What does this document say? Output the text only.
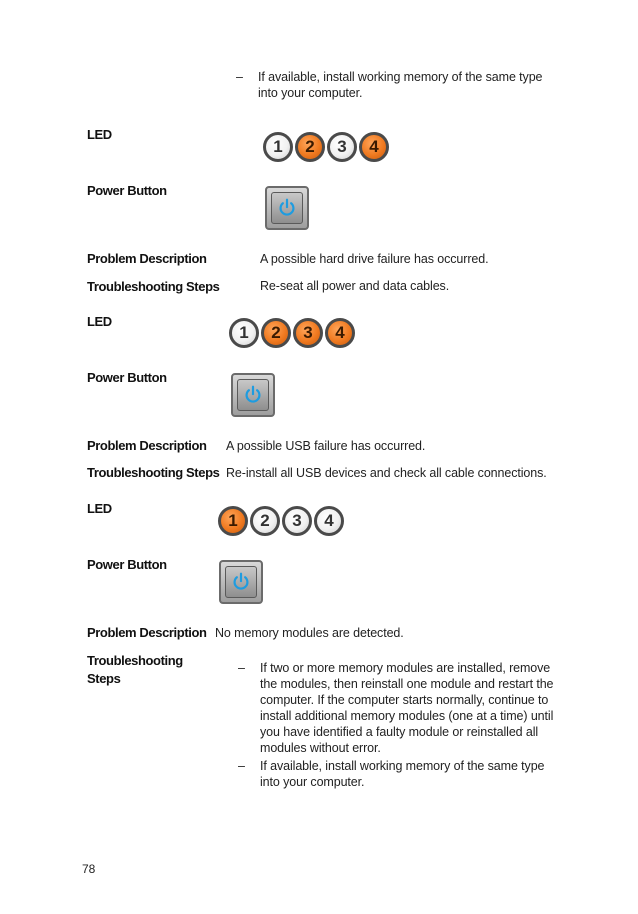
– If available, install working memory of the same type into your computer.
LED
1	2	3	4
Power Button
Problem Description	A possible hard drive failure has occurred.
Troubleshooting Steps	Re-seat all power and data cables.
LED
1	2	3	4
Power Button
Problem Description A possible USB failure has occurred.
Troubleshooting Steps Re-install all USB devices and check all cable connections.
LED
1	2	3	4
Power Button
Problem Description No memory modules are detected.
Troubleshooting Steps
– If two or more memory modules are installed, remove the modules, then reinstall one module and restart the computer. If the computer starts normally, continue to install additional memory modules (one at a time) until you have identified a faulty module or reinstalled all modules without error.
– If available, install working memory of the same type into your computer.
78
